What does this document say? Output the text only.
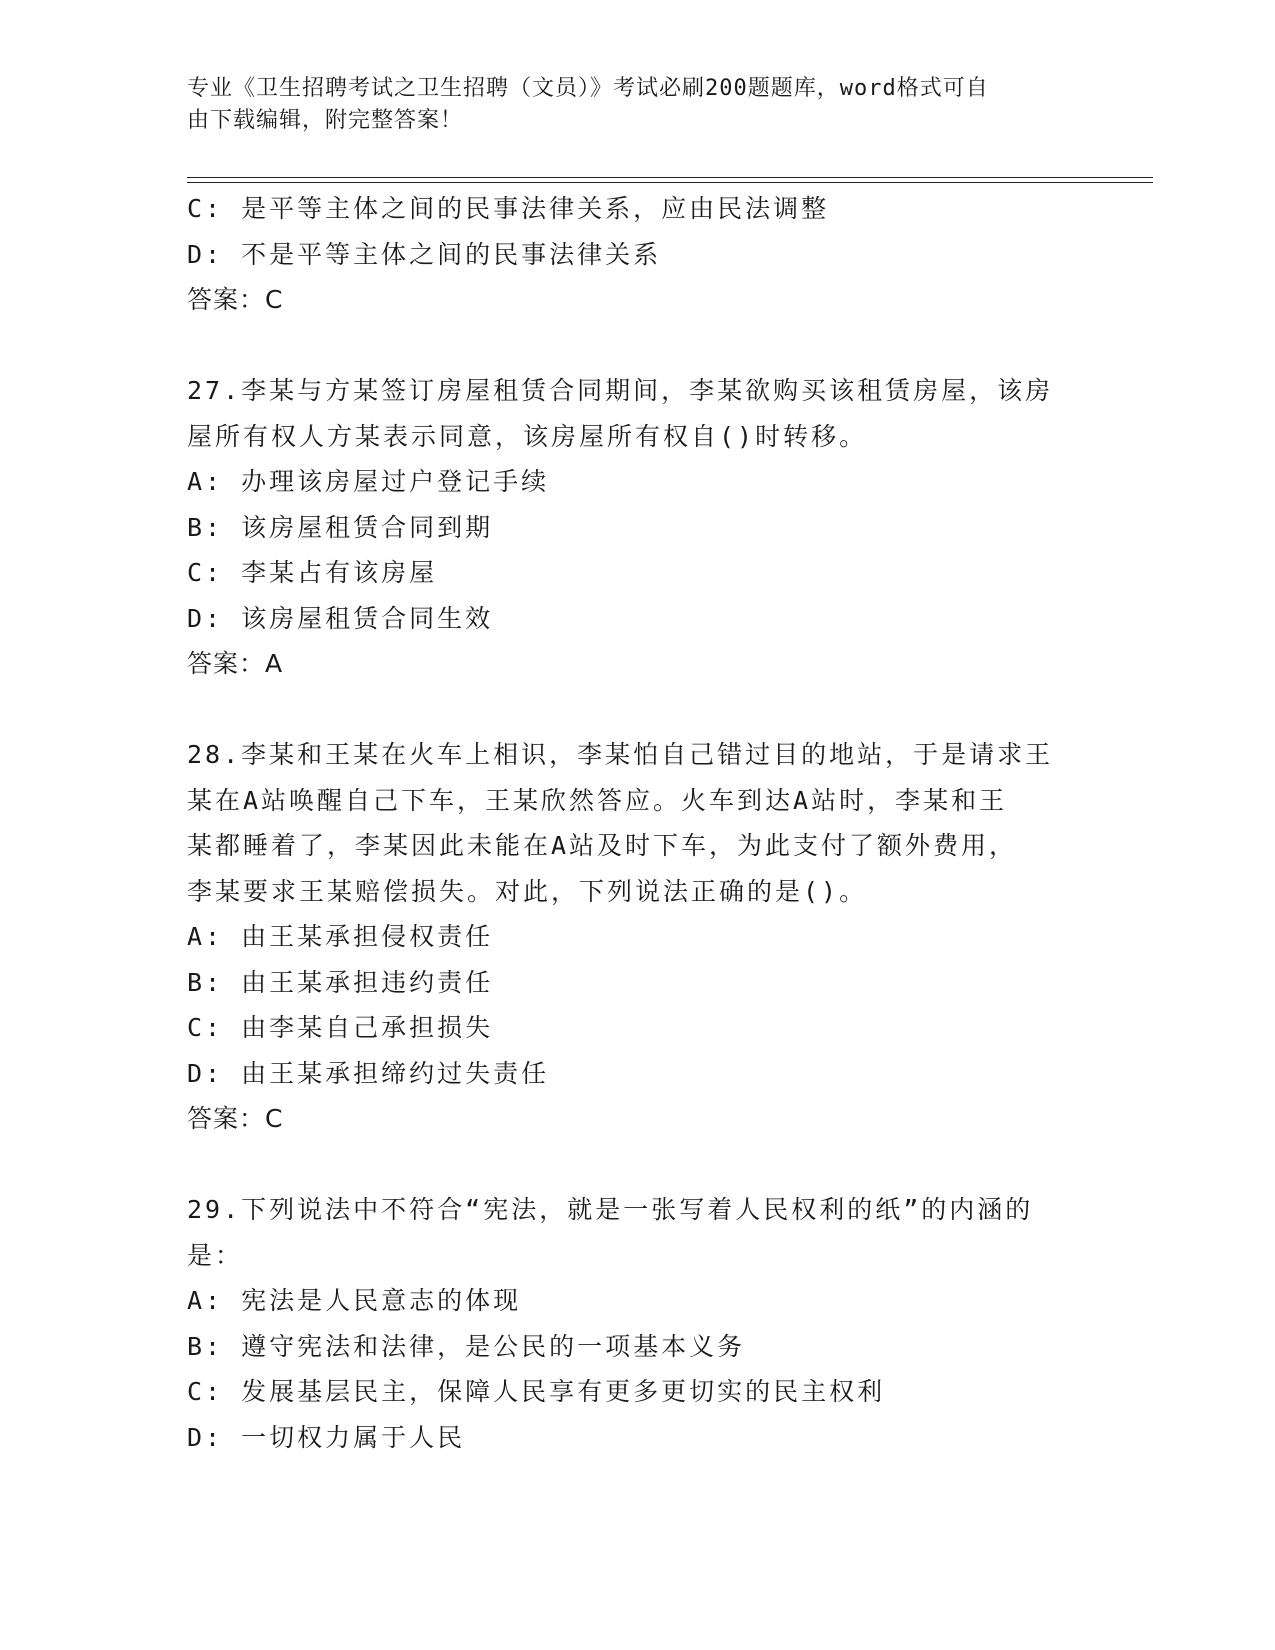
专业《卫生招聘考试之卫生招聘（文员）》考试必刷200题题库，word格式可自
由下载编辑，附完整答案！
C: 是平等主体之间的民事法律关系，应由民法调整
D: 不是平等主体之间的民事法律关系
答案：C
27.李某与方某签订房屋租赁合同期间，李某欲购买该租赁房屋，该房
屋所有权人方某表示同意，该房屋所有权自()时转移。
A: 办理该房屋过户登记手续
B: 该房屋租赁合同到期
C: 李某占有该房屋
D: 该房屋租赁合同生效
答案：A
28.李某和王某在火车上相识，李某怕自己错过目的地站，于是请求王
某在A站唤醒自己下车，王某欣然答应。火车到达A站时，李某和王
某都睡着了，李某因此未能在A站及时下车，为此支付了额外费用，
李某要求王某赔偿损失。对此，下列说法正确的是()。
A: 由王某承担侵权责任
B: 由王某承担违约责任
C: 由李某自己承担损失
D: 由王某承担缔约过失责任
答案：C
29.下列说法中不符合“宪法，就是一张写着人民权利的纸”的内涵的
是：
A: 宪法是人民意志的体现
B: 遵守宪法和法律，是公民的一项基本义务
C: 发展基层民主，保障人民享有更多更切实的民主权利
D: 一切权力属于人民
